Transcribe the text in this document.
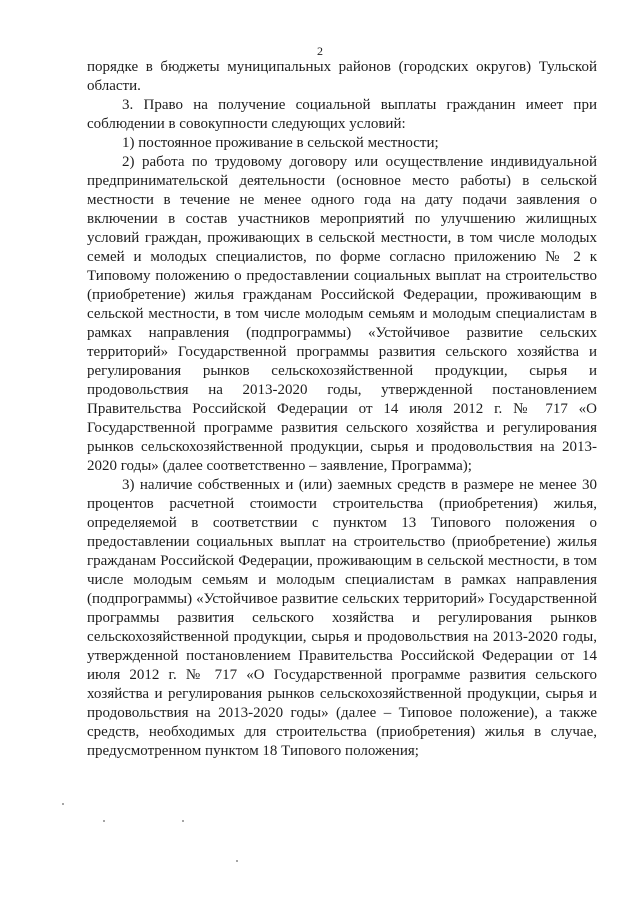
2

порядке в бюджеты муниципальных районов (городских округов) Тульской области.

3. Право на получение социальной выплаты гражданин имеет при соблюдении в совокупности следующих условий:

1) постоянное проживание в сельской местности;

2) работа по трудовому договору или осуществление индивидуальной предпринимательской деятельности (основное место работы) в сельской местности в течение не менее одного года на дату подачи заявления о включении в состав участников мероприятий по улучшению жилищных условий граждан, проживающих в сельской местности, в том числе молодых семей и молодых специалистов, по форме согласно приложению № 2 к Типовому положению о предоставлении социальных выплат на строительство (приобретение) жилья гражданам Российской Федерации, проживающим в сельской местности, в том числе молодым семьям и молодым специалистам в рамках направления (подпрограммы) «Устойчивое развитие сельских территорий» Государственной программы развития сельского хозяйства и регулирования рынков сельскохозяйственной продукции, сырья и продовольствия на 2013-2020 годы, утвержденной постановлением Правительства Российской Федерации от 14 июля 2012 г. № 717 «О Государственной программе развития сельского хозяйства и регулирования рынков сельскохозяйственной продукции, сырья и продовольствия на 2013-2020 годы» (далее соответственно – заявление, Программа);

3) наличие собственных и (или) заемных средств в размере не менее 30 процентов расчетной стоимости строительства (приобретения) жилья, определяемой в соответствии с пунктом 13 Типового положения о предоставлении социальных выплат на строительство (приобретение) жилья гражданам Российской Федерации, проживающим в сельской местности, в том числе молодым семьям и молодым специалистам в рамках направления (подпрограммы) «Устойчивое развитие сельских территорий» Государственной программы развития сельского хозяйства и регулирования рынков сельскохозяйственной продукции, сырья и продовольствия на 2013-2020 годы, утвержденной постановлением Правительства Российской Федерации от 14 июля 2012 г. № 717 «О Государственной программе развития сельского хозяйства и регулирования рынков сельскохозяйственной продукции, сырья и продовольствия на 2013-2020 годы» (далее – Типовое положение), а также средств, необходимых для строительства (приобретения) жилья в случае, предусмотренном пунктом 18 Типового положения;
